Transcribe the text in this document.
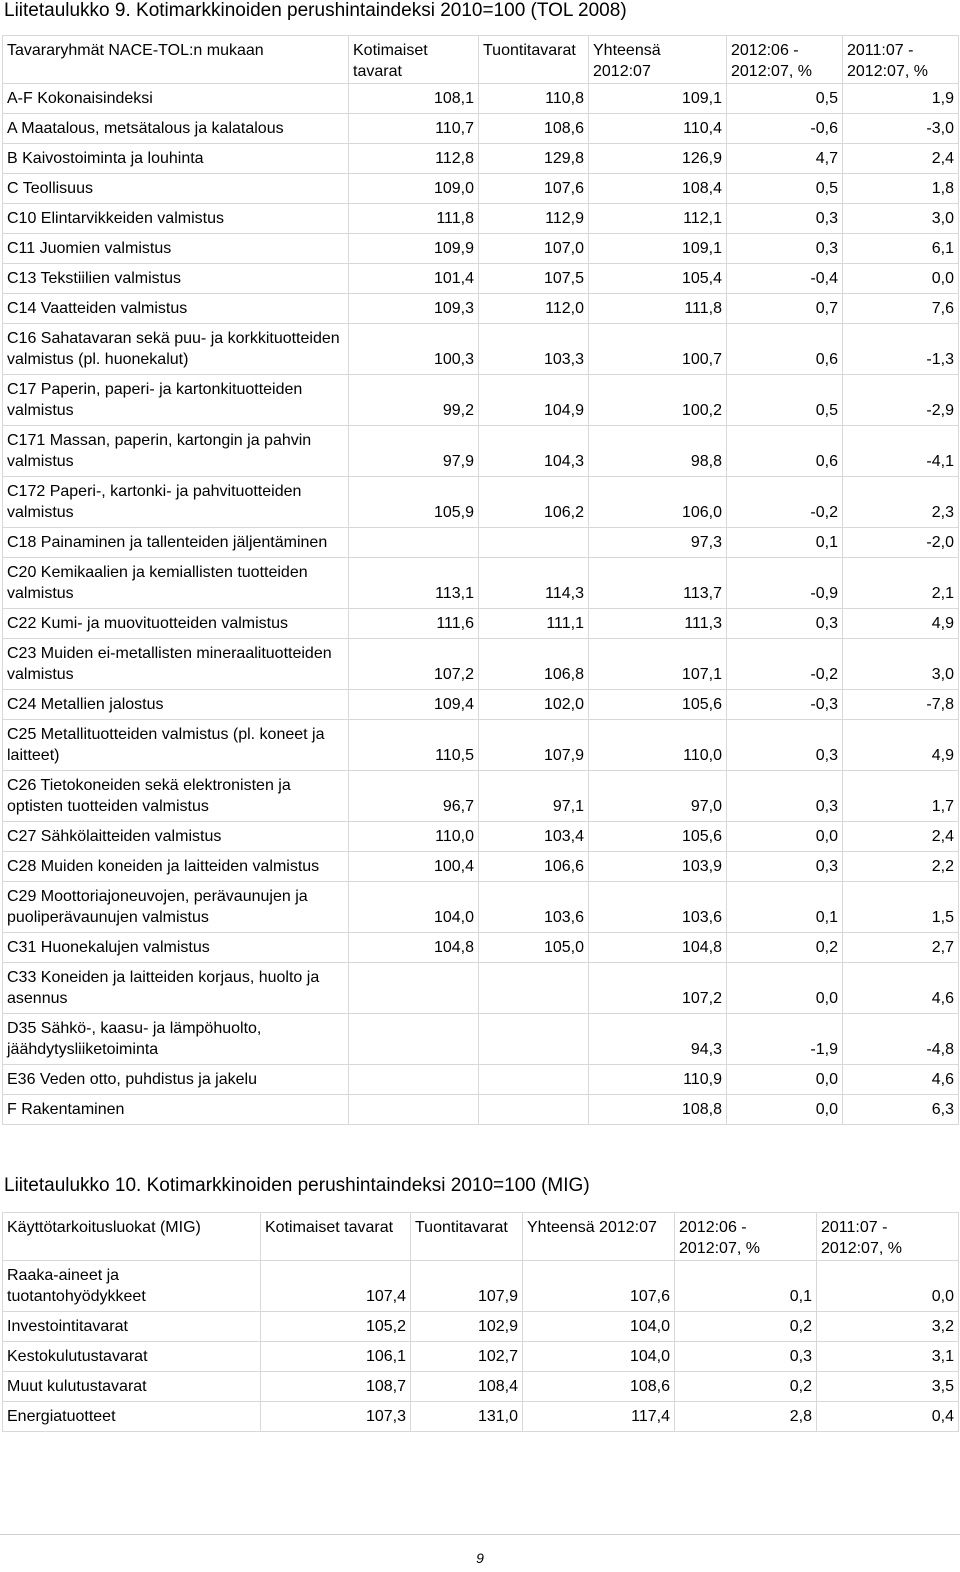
Liitetaulukko 9. Kotimarkkinoiden perushintaindeksi 2010=100 (TOL 2008)
Tavararyhmät NACE-TOL:n mukaan	Kotimaiset tavarat	Tuontitavarat	Yhteensä 2012:07	2012:06 - 2012:07, %	2011:07 - 2012:07, %
A-F Kokonaisindeksi	108,1	110,8	109,1	0,5	1,9
A Maatalous, metsätalous ja kalatalous	110,7	108,6	110,4	-0,6	-3,0
B Kaivostoiminta ja louhinta	112,8	129,8	126,9	4,7	2,4
C Teollisuus	109,0	107,6	108,4	0,5	1,8
C10 Elintarvikkeiden valmistus	111,8	112,9	112,1	0,3	3,0
C11 Juomien valmistus	109,9	107,0	109,1	0,3	6,1
C13 Tekstiilien valmistus	101,4	107,5	105,4	-0,4	0,0
C14 Vaatteiden valmistus	109,3	112,0	111,8	0,7	7,6
C16 Sahatavaran sekä puu- ja korkkituotteiden valmistus (pl. huonekalut)	100,3	103,3	100,7	0,6	-1,3
C17 Paperin, paperi- ja kartonkituotteiden valmistus	99,2	104,9	100,2	0,5	-2,9
C171 Massan, paperin, kartongin ja pahvin valmistus	97,9	104,3	98,8	0,6	-4,1
C172 Paperi-, kartonki- ja pahvituotteiden valmistus	105,9	106,2	106,0	-0,2	2,3
C18 Painaminen ja tallenteiden jäljentäminen			97,3	0,1	-2,0
C20 Kemikaalien ja kemiallisten tuotteiden valmistus	113,1	114,3	113,7	-0,9	2,1
C22 Kumi- ja muovituotteiden valmistus	111,6	111,1	111,3	0,3	4,9
C23 Muiden ei-metallisten mineraalituotteiden valmistus	107,2	106,8	107,1	-0,2	3,0
C24 Metallien jalostus	109,4	102,0	105,6	-0,3	-7,8
C25 Metallituotteiden valmistus (pl. koneet ja laitteet)	110,5	107,9	110,0	0,3	4,9
C26 Tietokoneiden sekä elektronisten ja optisten tuotteiden valmistus	96,7	97,1	97,0	0,3	1,7
C27 Sähkölaitteiden valmistus	110,0	103,4	105,6	0,0	2,4
C28 Muiden koneiden ja laitteiden valmistus	100,4	106,6	103,9	0,3	2,2
C29 Moottoriajoneuvojen, perävaunujen ja puoliperävaunujen valmistus	104,0	103,6	103,6	0,1	1,5
C31 Huonekalujen valmistus	104,8	105,0	104,8	0,2	2,7
C33 Koneiden ja laitteiden korjaus, huolto ja asennus			107,2	0,0	4,6
D35 Sähkö-, kaasu- ja lämpöhuolto, jäähdytysliiketoiminta			94,3	-1,9	-4,8
E36 Veden otto, puhdistus ja jakelu			110,9	0,0	4,6
F Rakentaminen			108,8	0,0	6,3
Liitetaulukko 10. Kotimarkkinoiden perushintaindeksi 2010=100 (MIG)
Käyttötarkoitusluokat (MIG)	Kotimaiset tavarat	Tuontitavarat	Yhteensä 2012:07	2012:06 - 2012:07, %	2011:07 - 2012:07, %
Raaka-aineet ja tuotantohyödykkeet	107,4	107,9	107,6	0,1	0,0
Investointitavarat	105,2	102,9	104,0	0,2	3,2
Kestokulutustavarat	106,1	102,7	104,0	0,3	3,1
Muut kulutustavarat	108,7	108,4	108,6	0,2	3,5
Energiatuotteet	107,3	131,0	117,4	2,8	0,4
9
